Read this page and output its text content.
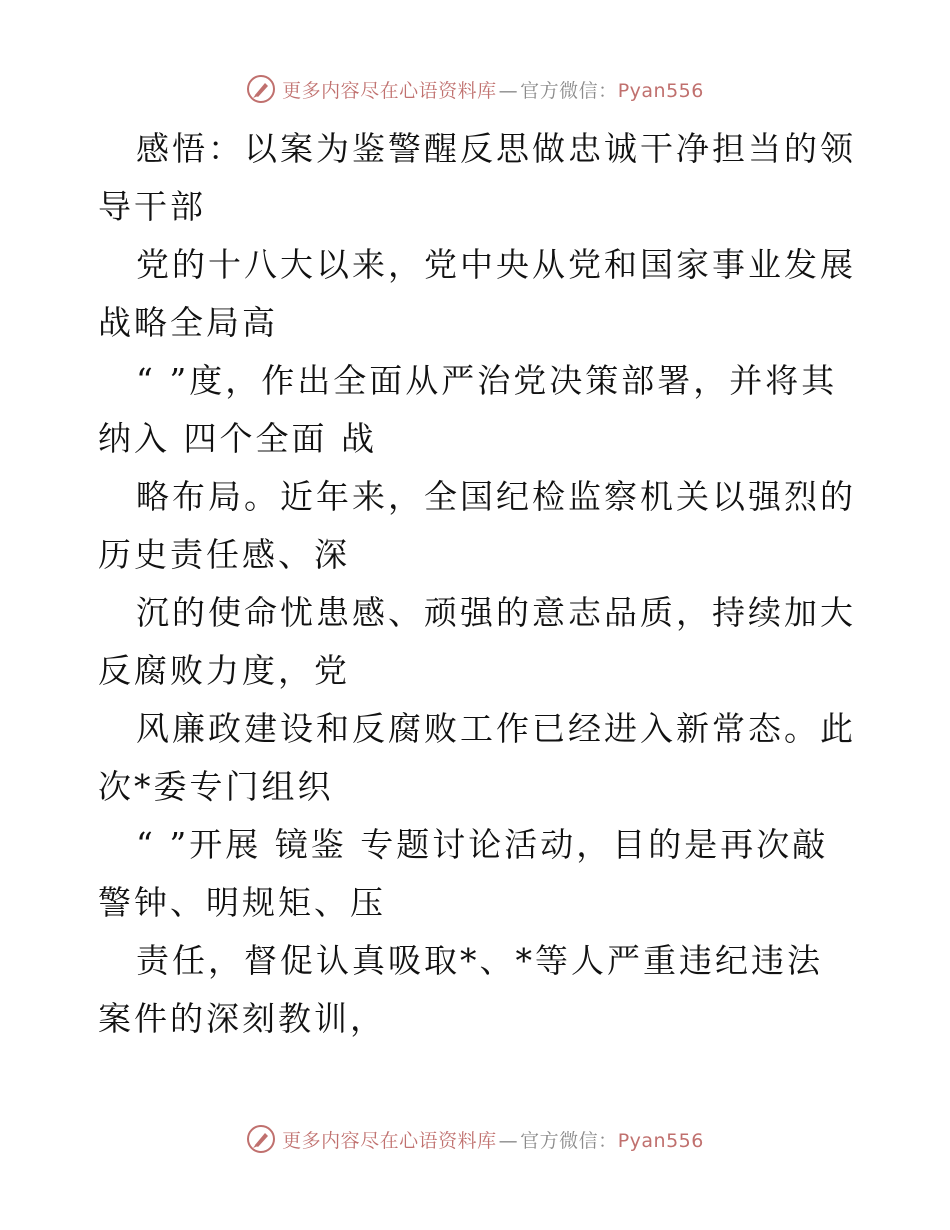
更多内容尽在心语资料库 — 官方微信：Pyan556

感悟：以案为鉴警醒反思做忠诚干净担当的领导干部

党的十八大以来，党中央从党和国家事业发展战略全局高

“ ”度，作出全面从严治党决策部署，并将其纳入 四个全面 战

略布局。近年来，全国纪检监察机关以强烈的历史责任感、深

沉的使命忧患感、顽强的意志品质，持续加大反腐败力度，党

风廉政建设和反腐败工作已经进入新常态。此次*委专门组织

“ ”开展 镜鉴 专题讨论活动，目的是再次敲警钟、明规矩、压

责任，督促认真吸取*、*等人严重违纪违法案件的深刻教训，

更多内容尽在心语资料库 — 官方微信：Pyan556
